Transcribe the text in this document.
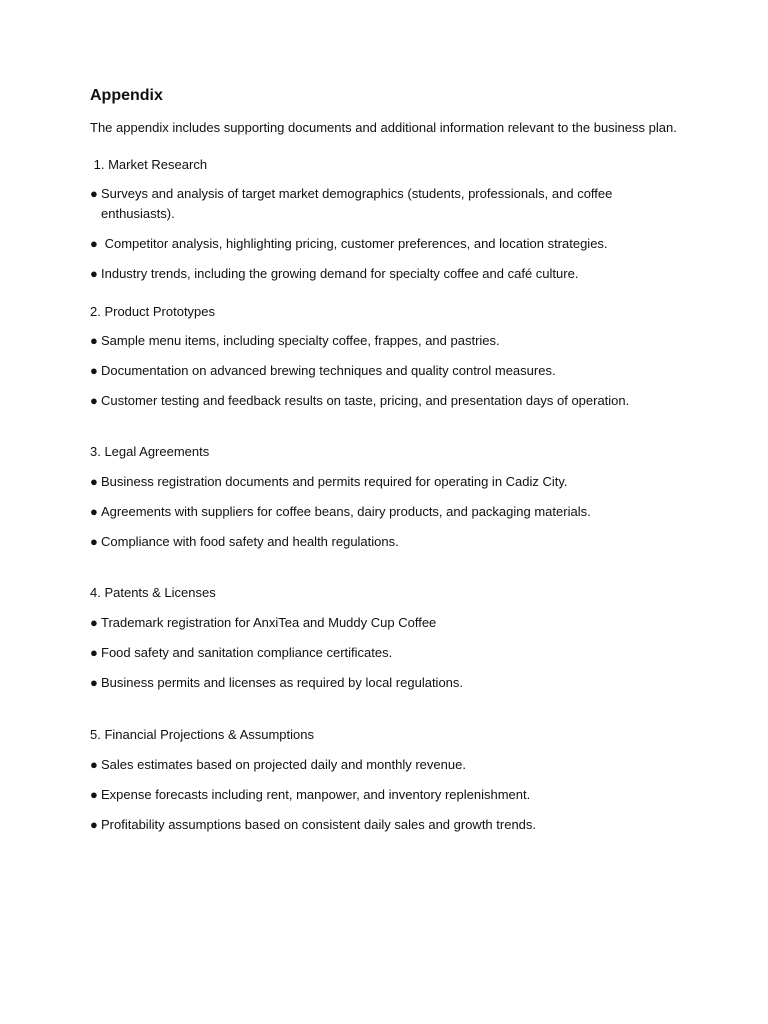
Appendix
The appendix includes supporting documents and additional information relevant to the business plan.
1. Market Research
● Surveys and analysis of target market demographics (students, professionals, and coffee enthusiasts).
● Competitor analysis, highlighting pricing, customer preferences, and location strategies.
● Industry trends, including the growing demand for specialty coffee and café culture.
2. Product Prototypes
● Sample menu items, including specialty coffee, frappes, and pastries.
● Documentation on advanced brewing techniques and quality control measures.
● Customer testing and feedback results on taste, pricing, and presentation days of operation.
3. Legal Agreements
● Business registration documents and permits required for operating in Cadiz City.
● Agreements with suppliers for coffee beans, dairy products, and packaging materials.
● Compliance with food safety and health regulations.
4. Patents & Licenses
● Trademark registration for AnxiTea and Muddy Cup Coffee
● Food safety and sanitation compliance certificates.
● Business permits and licenses as required by local regulations.
5. Financial Projections & Assumptions
● Sales estimates based on projected daily and monthly revenue.
● Expense forecasts including rent, manpower, and inventory replenishment.
● Profitability assumptions based on consistent daily sales and growth trends.
